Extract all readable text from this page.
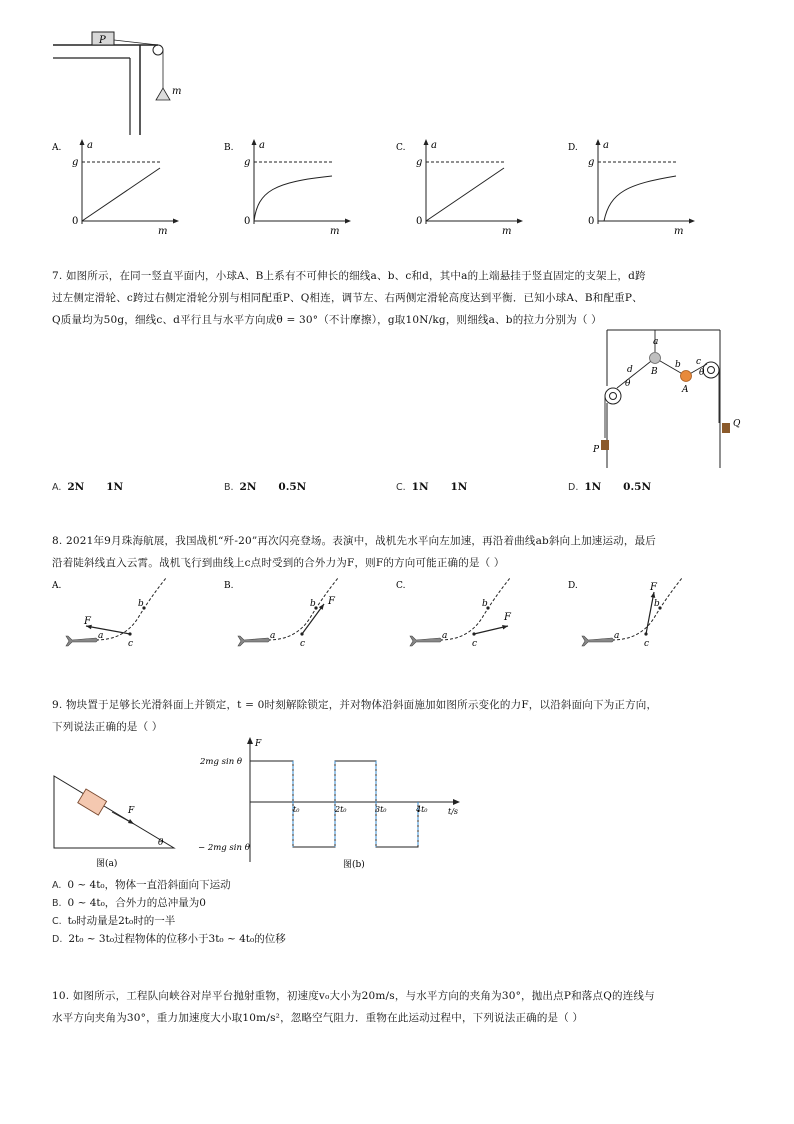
P
m
A.	a
g
0
m
B.	a
g
0
m
C.	a
g
0
m
D.	a
g
0
m
7. 如图所示，在同一竖直平面内，小球A、B上系有不可伸长的细线a、b、c和d，其中a的上端悬挂于竖直固定的支架上，d跨
过左侧定滑轮、c跨过右侧定滑轮分别与相同配重P、Q相连，调节左、右两侧定滑轮高度达到平衡．已知小球A、B和配重P、
Q质量均为50g，细线c、d平行且与水平方向成θ = 30°（不计摩擦），g取10N/kg，则细线a、b的拉力分别为（ ）
a
B
b
A
c
d
θ
θ
P
Q
A. 2N      1N	B. 2N      0.5N	C. 1N      1N	D. 1N      0.5N
8. 2021年9月珠海航展，我国战机“歼-20”再次闪亮登场。表演中，战机先水平向左加速，再沿着曲线ab斜向上加速运动，最后
沿着陡斜线直入云霄。战机飞行到曲线上c点时受到的合外力为F，则F的方向可能正确的是（ ）
A.
F
a
b
c
B.
F
a
b
c
C.
F
a
b
c
D.	F
a
b
c
9. 物块置于足够长光滑斜面上并锁定，t = 0时刻解除锁定，并对物体沿斜面施加如图所示变化的力F，以沿斜面向下为正方向，
下列说法正确的是（ ）
F
θ
图(a)
F
2mg sin θ
− 2mg sin θ
t₀	2t₀	3t₀	4t₀	t/s
图(b)
A. 0 ~ 4t₀，物体一直沿斜面向下运动
B. 0 ~ 4t₀，合外力的总冲量为0
C. t₀时动量是2t₀时的一半
D. 2t₀ ~ 3t₀过程物体的位移小于3t₀ ~ 4t₀的位移
10. 如图所示，工程队向峡谷对岸平台抛射重物，初速度v₀大小为20m/s，与水平方向的夹角为30°，抛出点P和落点Q的连线与
水平方向夹角为30°，重力加速度大小取10m/s²，忽略空气阻力．重物在此运动过程中，下列说法正确的是（ ）
